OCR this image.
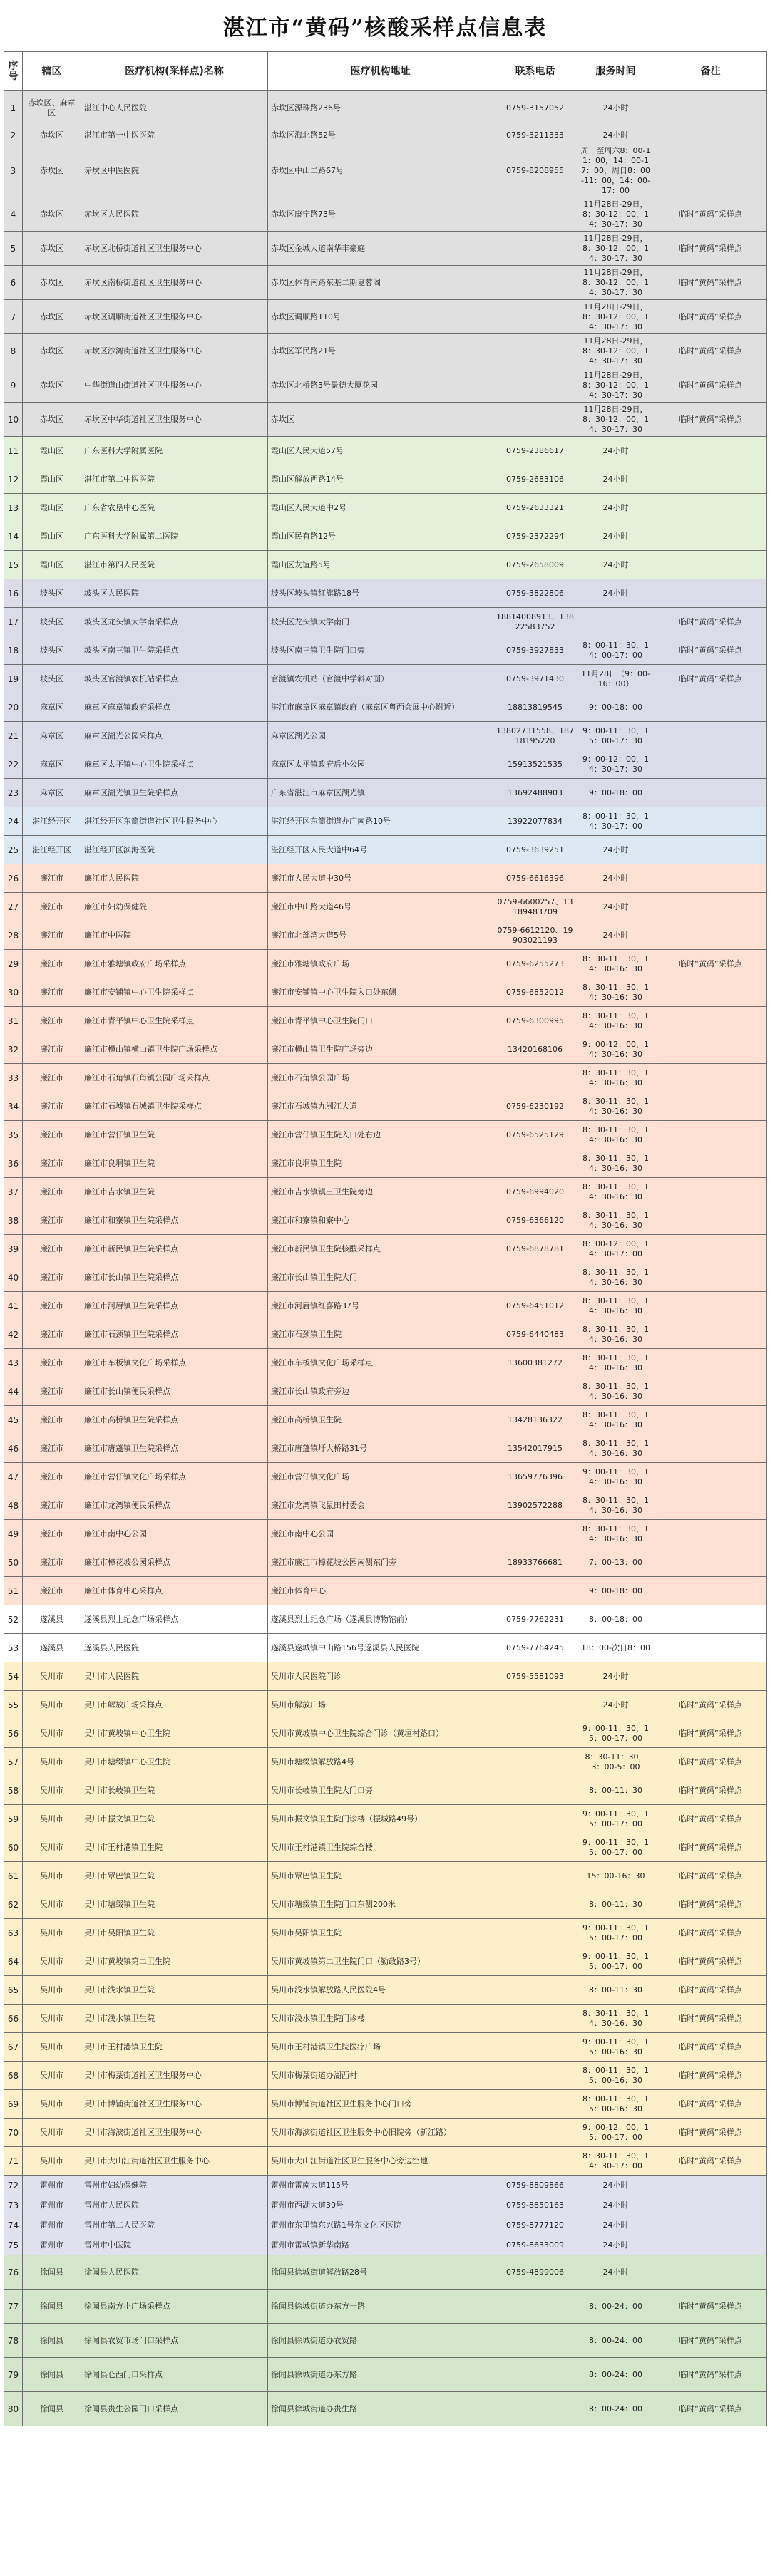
湛江市“黄码”核酸采样点信息表
序号	辖区	医疗机构(采样点)名称	医疗机构地址	联系电话	服务时间	备注
1	赤坎区、麻章区	湛江中心人民医院	赤坎区源珠路236号	0759-3157052	24小时	
2	赤坎区	湛江市第一中医医院	赤坎区海北路52号	0759-3211333	24小时	
3	赤坎区	赤坎区中医医院	赤坎区中山二路67号	0759-8208955	周一至周六8：00-11：00，14：00-17：00，周日8：00-11：00，14：00-17：00	
4	赤坎区	赤坎区人民医院	赤坎区康宁路73号		11月28日-29日，8：30-12：00，14：30-17：30	临时“黄码”采样点
5	赤坎区	赤坎区北桥街道社区卫生服务中心	赤坎区金城大道南华丰豪庭		11月28日-29日，8：30-12：00，14：30-17：30	临时“黄码”采样点
6	赤坎区	赤坎区南桥街道社区卫生服务中心	赤坎区体育南路东基二期夏蓉阁		11月28日-29日，8：30-12：00，14：30-17：30	临时“黄码”采样点
7	赤坎区	赤坎区调顺街道社区卫生服务中心	赤坎区调顺路110号		11月28日-29日，8：30-12：00，14：30-17：30	临时“黄码”采样点
8	赤坎区	赤坎区沙湾街道社区卫生服务中心	赤坎区军民路21号		11月28日-29日，8：30-12：00，14：30-17：30	临时“黄码”采样点
9	赤坎区	中华街道山街道社区卫生服务中心	赤坎区北桥路3号景德大厦花园		11月28日-29日，8：30-12：00，14：30-17：30	临时“黄码”采样点
10	赤坎区	赤坎区中华街道社区卫生服务中心	赤坎区		11月28日-29日，8：30-12：00，14：30-17：30	临时“黄码”采样点
11	霞山区	广东医科大学附属医院	霞山区人民大道57号	0759-2386617	24小时	
12	霞山区	湛江市第二中医医院	霞山区解放西路14号	0759-2683106	24小时	
13	霞山区	广东省农垦中心医院	霞山区人民大道中2号	0759-2633321	24小时	
14	霞山区	广东医科大学附属第二医院	霞山区民有路12号	0759-2372294	24小时	
15	霞山区	湛江市第四人民医院	霞山区友谊路5号	0759-2658009	24小时	
16	坡头区	坡头区人民医院	坡头区坡头镇红旗路18号	0759-3822806	24小时	
17	坡头区	坡头区龙头镇大学南采样点	坡头区龙头镇大学南门	18814008913、13822583752		临时“黄码”采样点
18	坡头区	坡头区南三镇卫生院采样点	坡头区南三镇卫生院门口旁	0759-3927833	8：00-11：30，14：00-17：00	临时“黄码”采样点
19	坡头区	坡头区官渡镇农机站采样点	官渡镇农机站（官渡中学斜对面）	0759-3971430	11月28日（9：00-16：00）	临时“黄码”采样点
20	麻章区	麻章区麻章镇政府采样点	湛江市麻章区麻章镇政府（麻章区粤西会展中心附近）	18813819545	9：00-18：00	
21	麻章区	麻章区湖光公园采样点	麻章区湖光公园	13802731558、18718195220	9：00-11：30，15：00-17：30	
22	麻章区	麻章区太平镇中心卫生院采样点	麻章区太平镇政府后小公园	15913521535	9：00-12：00，14：30-17：30	
23	麻章区	麻章区湖光镇卫生院采样点	广东省湛江市麻章区湖光镇	13692488903	9：00-18：00	
24	湛江经开区	湛江经开区东简街道社区卫生服务中心	湛江经开区东简街道办广南路10号	13922077834	8：00-11：30，14：30-17：00	
25	湛江经开区	湛江经开区滨海医院	湛江经开区人民大道中64号	0759-3639251	24小时	
26	廉江市	廉江市人民医院	廉江市人民大道中30号	0759-6616396	24小时	
27	廉江市	廉江市妇幼保健院	廉江市中山路大道46号	0759-6600257、13189483709	24小时	
28	廉江市	廉江市中医院	廉江市北部湾大道5号	0759-6612120、19903021193	24小时	
29	廉江市	廉江市雅塘镇政府广场采样点	廉江市雅塘镇政府广场	0759-6255273	8：30-11：30，14：30-16：30	临时“黄码”采样点
30	廉江市	廉江市安铺镇中心卫生院采样点	廉江市安铺镇中心卫生院入口处东侧	0759-6852012	8：30-11：30，14：30-16：30	
31	廉江市	廉江市青平镇中心卫生院采样点	廉江市青平镇中心卫生院门口	0759-6300995	8：30-11：30，14：30-16：30	
32	廉江市	廉江市横山镇横山镇卫生院广场采样点	廉江市横山镇卫生院广场旁边	13420168106	9：00-12：00，14：30-16：30	
33	廉江市	廉江市石角镇石角镇公园广场采样点	廉江市石角镇公园广场		8：30-11：30，14：30-16：30	
34	廉江市	廉江市石城镇石城镇卫生院采样点	廉江市石城镇九洲江大道	0759-6230192	8：30-11：30，14：30-16：30	
35	廉江市	廉江市营仔镇卫生院	廉江市营仔镇卫生院入口处右边	0759-6525129	8：30-11：30，14：30-16：30	
36	廉江市	廉江市良垌镇卫生院	廉江市良垌镇卫生院		8：30-11：30，14：30-16：30	
37	廉江市	廉江市吉水镇卫生院	廉江市吉水镇镇三卫生院旁边	0759-6994020	8：30-11：30，14：30-16：30	
38	廉江市	廉江市和寮镇卫生院采样点	廉江市和寮镇和寮中心	0759-6366120	8：30-11：30，14：30-16：30	
39	廉江市	廉江市新民镇卫生院采样点	廉江市新民镇卫生院核酸采样点	0759-6878781	8：00-12：00，14：30-17：00	
40	廉江市	廉江市长山镇卫生院采样点	廉江市长山镇卫生院大门		8：30-11：30，14：30-16：30	
41	廉江市	廉江市河唇镇卫生院采样点	廉江市河唇镇红喜路37号	0759-6451012	8：30-11：30，14：30-16：30	
42	廉江市	廉江市石颈镇卫生院采样点	廉江市石颈镇卫生院	0759-6440483	8：30-11：30，14：30-16：30	
43	廉江市	廉江市车板镇文化广场采样点	廉江市车板镇文化广场采样点	13600381272	8：30-11：30，14：30-16：30	
44	廉江市	廉江市长山镇便民采样点	廉江市长山镇政府旁边		8：30-11：30，14：30-16：30	
45	廉江市	廉江市高桥镇卫生院采样点	廉江市高桥镇卫生院	13428136322	8：30-11：30，14：30-16：30	
46	廉江市	廉江市唐蓬镇卫生院采样点	廉江市唐蓬镇圩大桥路31号	13542017915	8：30-11：30，14：30-16：30	
47	廉江市	廉江市营仔镇文化广场采样点	廉江市营仔镇文化广场	13659776396	9：00-11：30，14：30-16：30	
48	廉江市	廉江市龙湾镇便民采样点	廉江市龙湾镇飞鼠田村委会	13902572288	8：30-11：30，14：30-16：30	
49	廉江市	廉江市南中心公园	廉江市南中心公园		8：30-11：30，14：30-16：30	
50	廉江市	廉江市樟花坡公园采样点	廉江市廉江市樟花坡公园南侧东门旁	18933766681	7：00-13：00	
51	廉江市	廉江市体育中心采样点	廉江市体育中心		9：00-18：00	
52	遂溪县	遂溪县烈士纪念广场采样点	遂溪县烈士纪念广场（遂溪县博物馆前）	0759-7762231	8：00-18：00	
53	遂溪县	遂溪县人民医院	遂溪县遂城镇中山路156号遂溪县人民医院	0759-7764245	18：00-次日8：00	
54	吴川市	吴川市人民医院	吴川市人民医院门诊	0759-5581093	24小时	
55	吴川市	吴川市解放广场采样点	吴川市解放广场		24小时	临时“黄码”采样点
56	吴川市	吴川市黄坡镇中心卫生院	吴川市黄坡镇中心卫生院综合门诊（黄垣村路口）		9：00-11：30，15：00-17：00	临时“黄码”采样点
57	吴川市	吴川市塘缀镇中心卫生院	吴川市塘缀镇解放路4号		8：30-11：30，3：00-5：00	临时“黄码”采样点
58	吴川市	吴川市长岐镇卫生院	吴川市长岐镇卫生院大门口旁		8：00-11：30	临时“黄码”采样点
59	吴川市	吴川市振文镇卫生院	吴川市振文镇卫生院门诊楼（振城路49号）		9：00-11：30，15：00-17：00	临时“黄码”采样点
60	吴川市	吴川市王村港镇卫生院	吴川市王村港镇卫生院综合楼		9：00-11：30，15：00-17：00	临时“黄码”采样点
61	吴川市	吴川市覃巴镇卫生院	吴川市覃巴镇卫生院		15：00-16：30	临时“黄码”采样点
62	吴川市	吴川市塘缀镇卫生院	吴川市塘缀镇卫生院门口东侧200米		8：00-11：30	临时“黄码”采样点
63	吴川市	吴川市吴阳镇卫生院	吴川市吴阳镇卫生院		9：00-11：30，15：00-17：00	临时“黄码”采样点
64	吴川市	吴川市黄坡镇第二卫生院	吴川市黄坡镇第二卫生院门口（勤政路3号）		9：00-11：30，15：00-17：00	临时“黄码”采样点
65	吴川市	吴川市浅水镇卫生院	吴川市浅水镇解放路人民医院4号		8：00-11：30	临时“黄码”采样点
66	吴川市	吴川市浅水镇卫生院	吴川市浅水镇卫生院门诊楼		8：30-11：30，14：30-16：30	临时“黄码”采样点
67	吴川市	吴川市王村港镇卫生院	吴川市王村港镇卫生院医疗广场		9：00-11：30，15：00-16：30	临时“黄码”采样点
68	吴川市	吴川市梅菉街道社区卫生服务中心	吴川市梅菉街道办湖西村		8：00-11：30，15：00-16：30	临时“黄码”采样点
69	吴川市	吴川市博铺街道社区卫生服务中心	吴川市博铺街道社区卫生服务中心门口旁		8：00-11：30，15：00-16：30	临时“黄码”采样点
70	吴川市	吴川市海滨街道社区卫生服务中心	吴川市海滨街道社区卫生服务中心旧院旁（新江路）		9：00-12：00，15：00-17：00	临时“黄码”采样点
71	吴川市	吴川市大山江街道社区卫生服务中心	吴川市大山江街道社区卫生服务中心旁边空地		8：30-11：30，14：30-17：00	临时“黄码”采样点
72	雷州市	雷州市妇幼保健院	雷州市雷南大道115号	0759-8809866	24小时	
73	雷州市	雷州市人民医院	雷州市西湖大道30号	0759-8850163	24小时	
74	雷州市	雷州市第二人民医院	雷州市东里镇东兴路1号东文化区医院	0759-8777120	24小时	
75	雷州市	雷州市中医院	雷州市雷城镇新华南路	0759-8633009	24小时	
76	徐闻县	徐闻县人民医院	徐闻县徐城街道解放路28号	0759-4899006	24小时	
77	徐闻县	徐闻县南方小广场采样点	徐闻县徐城街道办东方一路		8：00-24：00	临时“黄码”采样点
78	徐闻县	徐闻县农贸市场门口采样点	徐闻县徐城街道办农贸路		8：00-24：00	临时“黄码”采样点
79	徐闻县	徐闻县仓西门口采样点	徐闻县徐城街道办东方路		8：00-24：00	临时“黄码”采样点
80	徐闻县	徐闻县贵生公园门口采样点	徐闻县徐城街道办贵生路		8：00-24：00	临时“黄码”采样点
